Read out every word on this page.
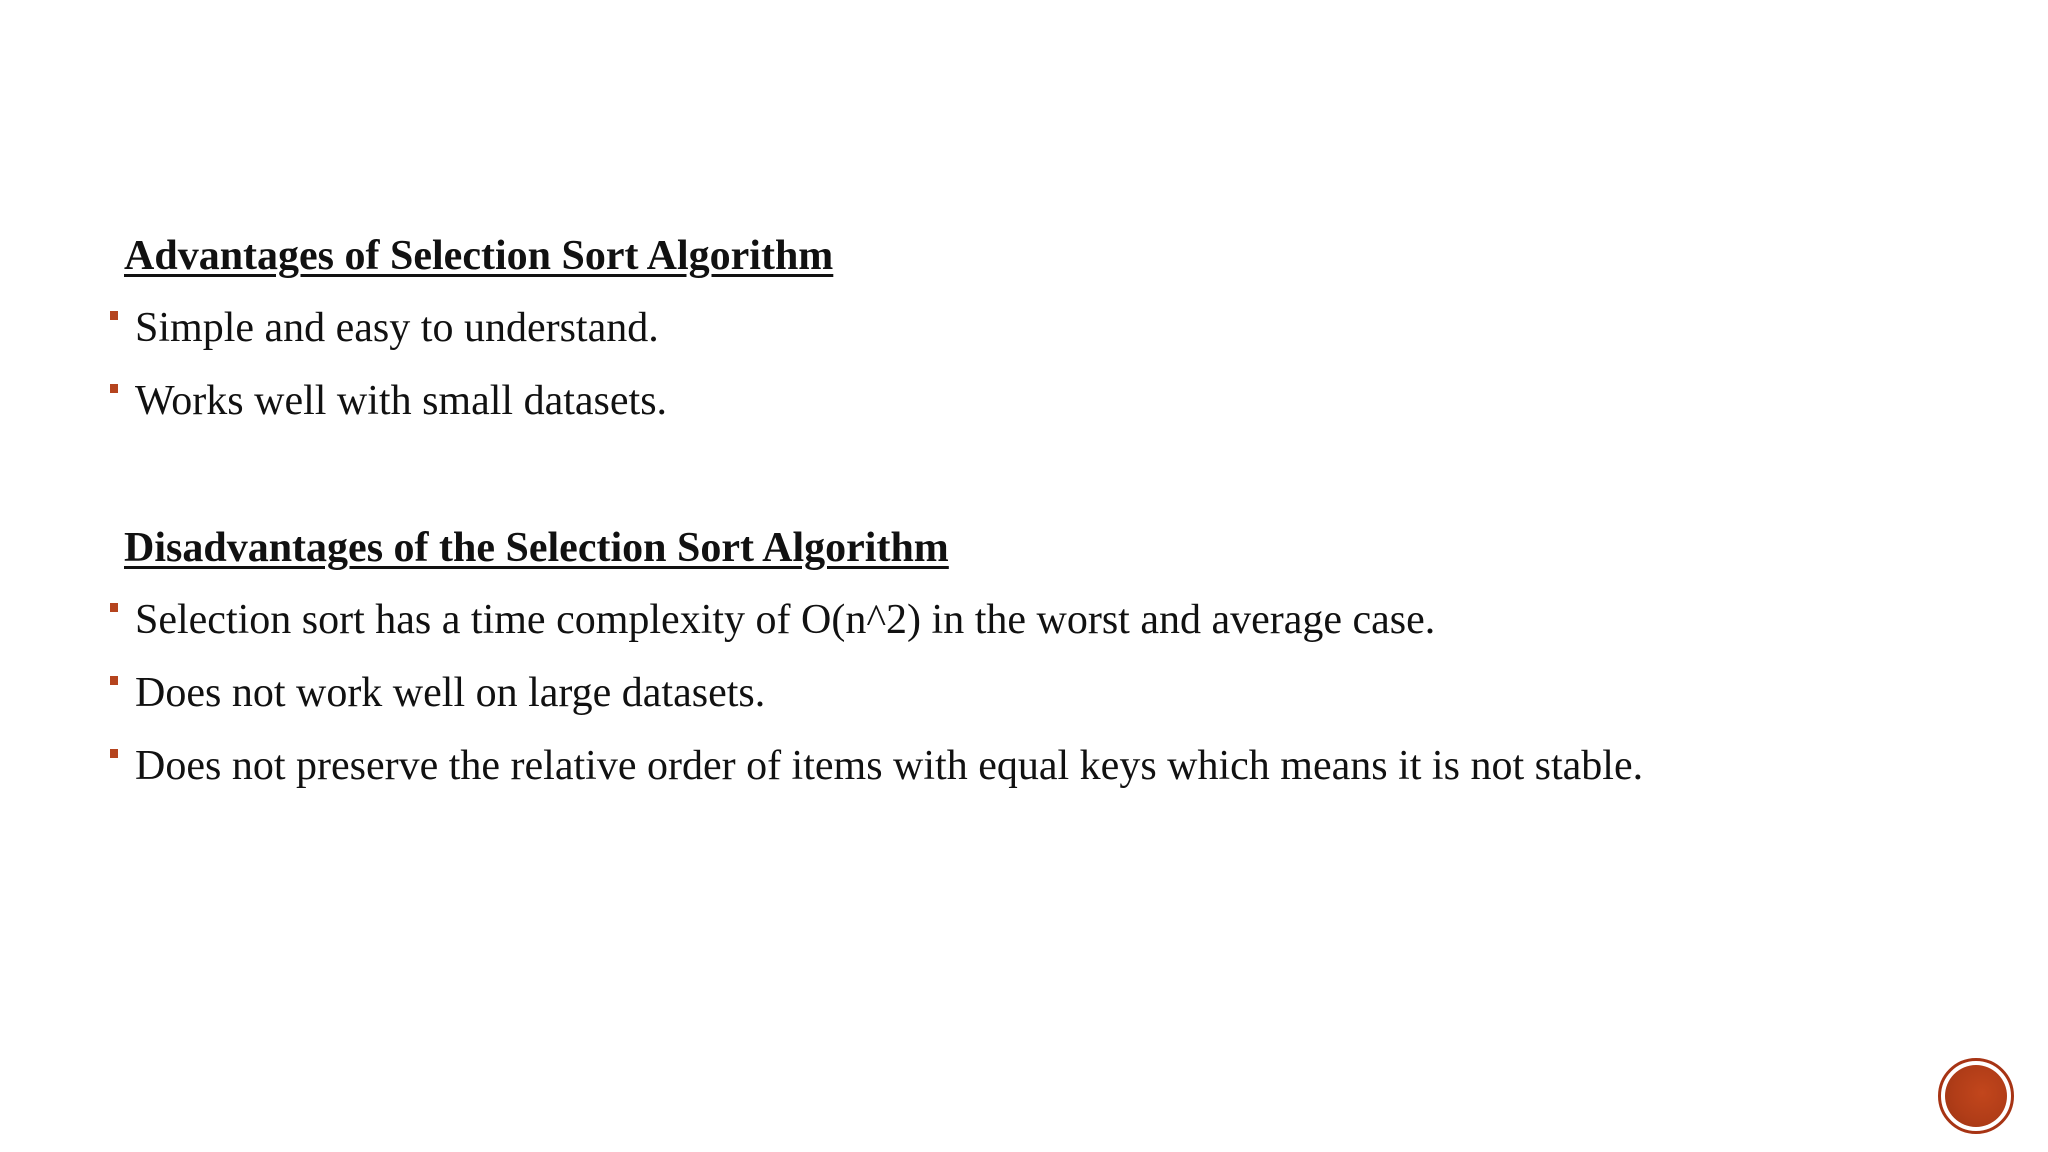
Advantages of Selection Sort Algorithm
Simple and easy to understand.
Works well with small datasets.
Disadvantages of the Selection Sort Algorithm
Selection sort has a time complexity of O(n^2) in the worst and average case.
Does not work well on large datasets.
Does not preserve the relative order of items with equal keys which means it is not stable.
